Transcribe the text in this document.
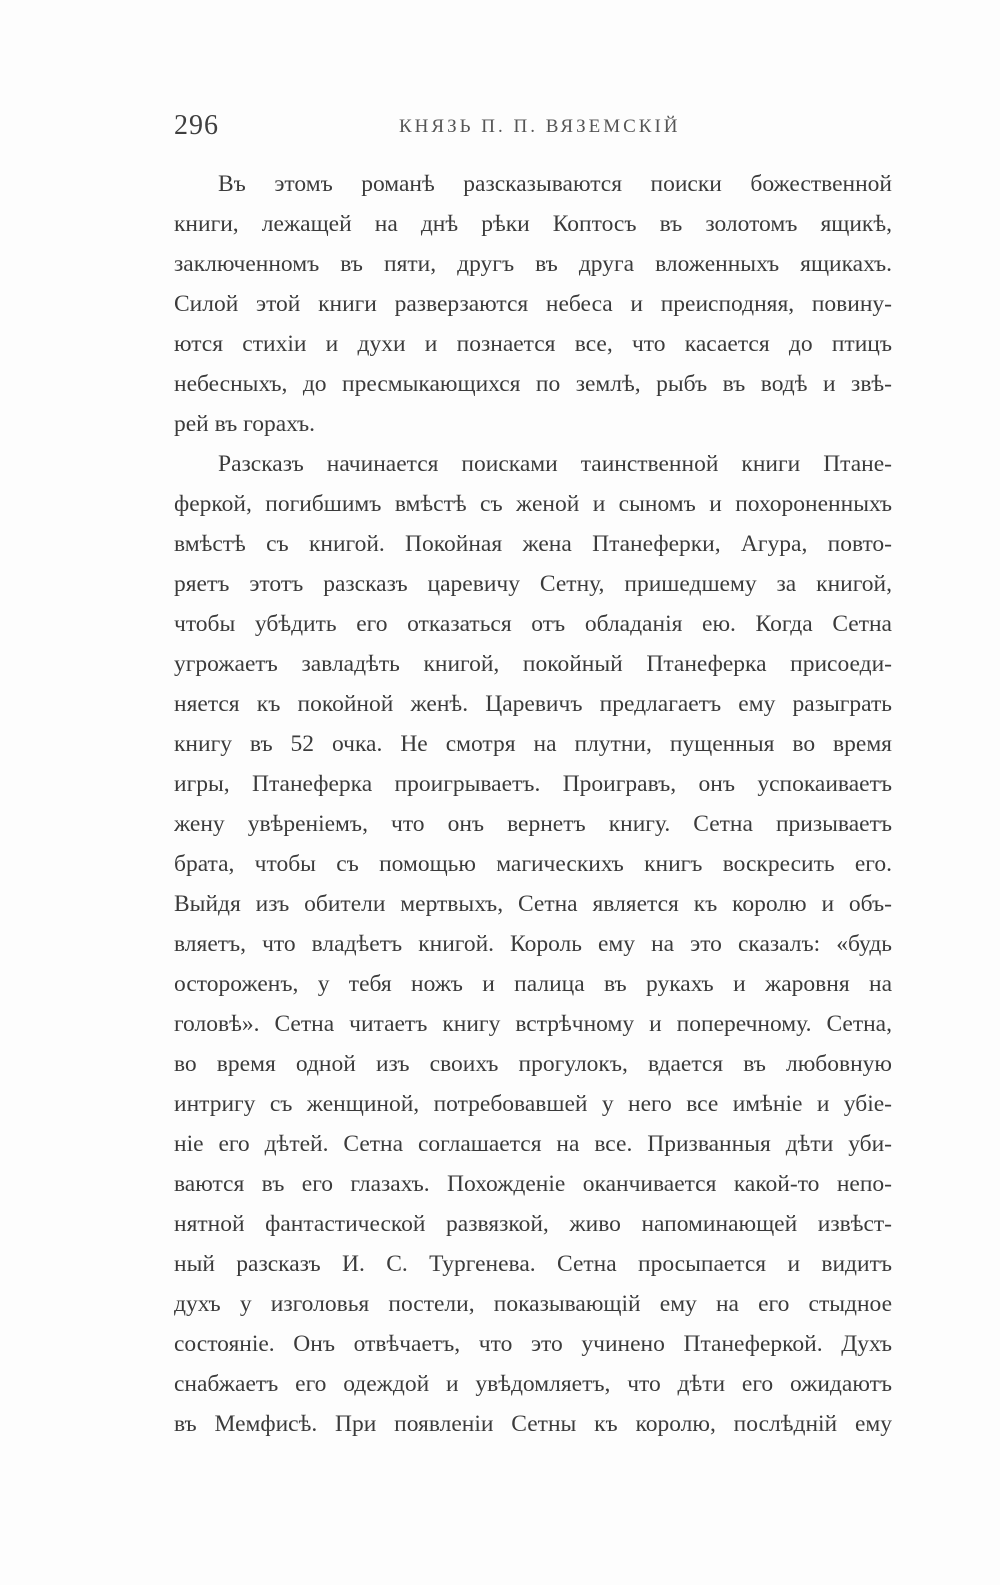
296	КНЯЗЬ П. П. ВЯЗЕМСКІЙ
Въ этомъ романѣ разсказываются поиски божественной
книги, лежащей на днѣ рѣки Коптосъ въ золотомъ ящикѣ,
заключенномъ въ пяти, другъ въ друга вложенныхъ ящикахъ.
Силой этой книги разверзаются небеса и преисподняя, повину-
ются стихіи и духи и познается все, что касается до птицъ
небесныхъ, до пресмыкающихся по землѣ, рыбъ въ водѣ и звѣ-
рей въ горахъ.
Разсказъ начинается поисками таинственной книги Птане-
феркой, погибшимъ вмѣстѣ съ женой и сыномъ и похороненныхъ
вмѣстѣ съ книгой. Покойная жена Птанеферки, Агура, повто-
ряетъ этотъ разсказъ царевичу Сетну, пришедшему за книгой,
чтобы убѣдить его отказаться отъ обладанія ею. Когда Сетна
угрожаетъ завладѣть книгой, покойный Птанеферка присоеди-
няется къ покойной женѣ. Царевичъ предлагаетъ ему разыграть
книгу въ 52 очка. Не смотря на плутни, пущенныя во время
игры, Птанеферка проигрываетъ. Проигравъ, онъ успокаиваетъ
жену увѣреніемъ, что онъ вернетъ книгу. Сетна призываетъ
брата, чтобы съ помощью магическихъ книгъ воскресить его.
Выйдя изъ обители мертвыхъ, Сетна является къ королю и объ-
вляетъ, что владѣетъ книгой. Король ему на это сказалъ: «будь
остороженъ, у тебя ножъ и палица въ рукахъ и жаровня на
головѣ». Сетна читаетъ книгу встрѣчному и поперечному. Сетна,
во время одной изъ своихъ прогулокъ, вдается въ любовную
интригу съ женщиной, потребовавшей у него все имѣніе и убіе-
ніе его дѣтей. Сетна соглашается на все. Призванныя дѣти уби-
ваются въ его глазахъ. Похожденіе оканчивается какой-то непо-
нятной фантастической развязкой, живо напоминающей извѣст-
ный разсказъ И. С. Тургенева. Сетна просыпается и видитъ
духъ у изголовья постели, показывающій ему на его стыдное
состояніе. Онъ отвѣчаетъ, что это учинено Птанеферкой. Духъ
снабжаетъ его одеждой и увѣдомляетъ, что дѣти его ожидаютъ
въ Мемфисѣ. При появленіи Сетны къ королю, послѣдній ему
